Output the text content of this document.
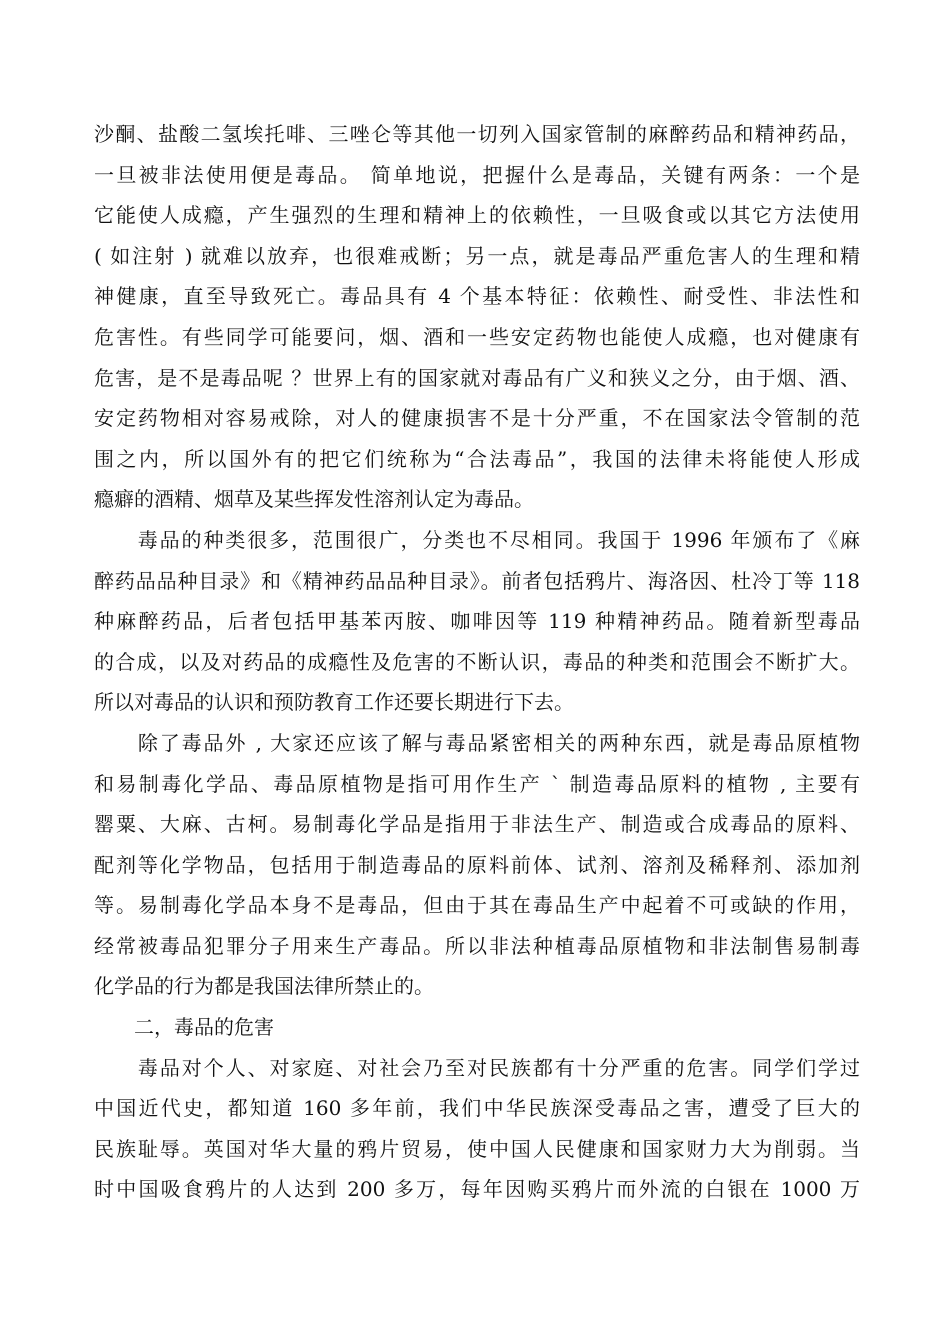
沙酮、盐酸二氢埃托啡、三唑仑等其他一切列入国家管制的麻醉药品和精神药品，
一旦被非法使用便是毒品。 简单地说，把握什么是毒品，关键有两条：一个是
它能使人成瘾，产生强烈的生理和精神上的依赖性，一旦吸食或以其它方法使用
( 如注射 ) 就难以放弃，也很难戒断；另一点，就是毒品严重危害人的生理和精
神健康，直至导致死亡。毒品具有 4 个基本特征：依赖性、耐受性、非法性和
危害性。有些同学可能要问，烟、酒和一些安定药物也能使人成瘾，也对健康有
危害，是不是毒品呢 ？世界上有的国家就对毒品有广义和狭义之分，由于烟、酒、
安定药物相对容易戒除，对人的健康损害不是十分严重，不在国家法令管制的范
围之内，所以国外有的把它们统称为“合法毒品”，我国的法律未将能使人形成
瘾癖的酒精、烟草及某些挥发性溶剂认定为毒品。
　　毒品的种类很多，范围很广，分类也不尽相同。我国于 1996 年颁布了《麻
醉药品品种目录》和《精神药品品种目录》。前者包括鸦片、海洛因、杜冷丁等 118
种麻醉药品，后者包括甲基苯丙胺、咖啡因等 119 种精神药品。随着新型毒品
的合成，以及对药品的成瘾性及危害的不断认识，毒品的种类和范围会不断扩大。
所以对毒品的认识和预防教育工作还要长期进行下去。
　　除了毒品外 , 大家还应该了解与毒品紧密相关的两种东西，就是毒品原植物
和易制毒化学品、毒品原植物是指可用作生产 ` 制造毒品原料的植物 , 主要有
罂粟、大麻、古柯。易制毒化学品是指用于非法生产、制造或合成毒品的原料、
配剂等化学物品，包括用于制造毒品的原料前体、试剂、溶剂及稀释剂、添加剂
等。易制毒化学品本身不是毒品，但由于其在毒品生产中起着不可或缺的作用，
经常被毒品犯罪分子用来生产毒品。所以非法种植毒品原植物和非法制售易制毒
化学品的行为都是我国法律所禁止的。
　　二，毒品的危害
　　毒品对个人、对家庭、对社会乃至对民族都有十分严重的危害。同学们学过
中国近代史，都知道 160 多年前，我们中华民族深受毒品之害，遭受了巨大的
民族耻辱。英国对华大量的鸦片贸易，使中国人民健康和国家财力大为削弱。当
时中国吸食鸦片的人达到 200 多万，每年因购买鸦片而外流的白银在 1000 万
